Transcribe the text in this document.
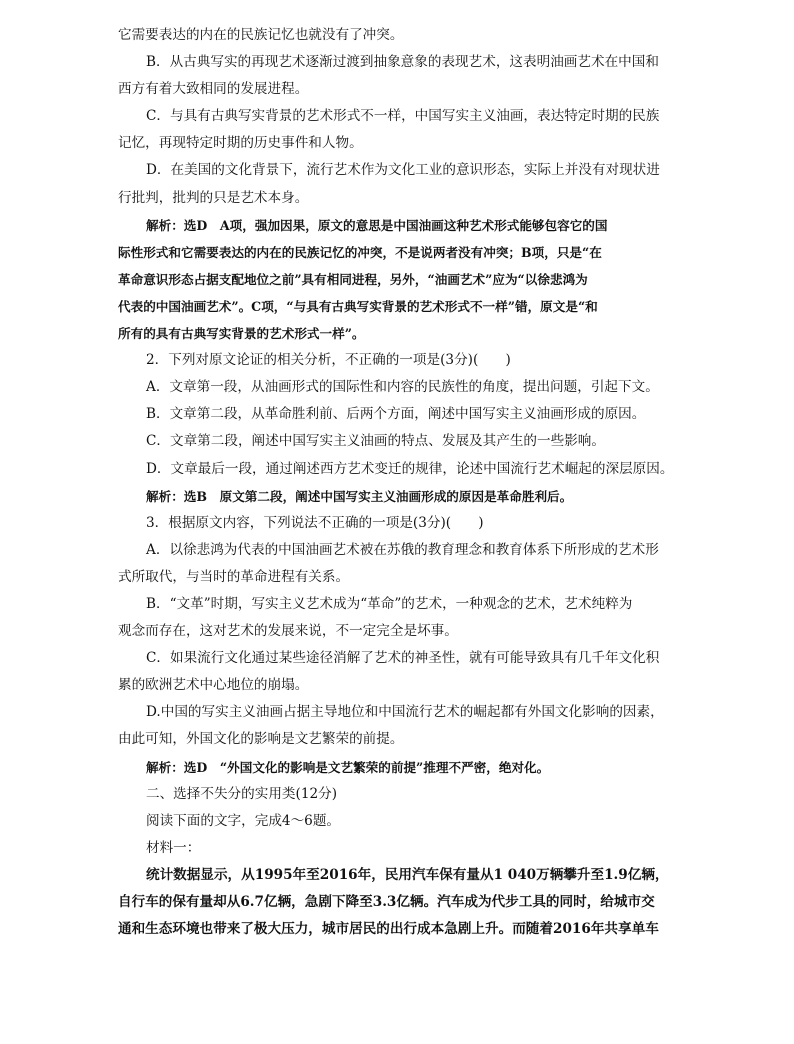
它需要表达的内在的民族记忆也就没有了冲突。
B．从古典写实的再现艺术逐渐过渡到抽象意象的表现艺术，这表明油画艺术在中国和
西方有着大致相同的发展进程。
C．与具有古典写实背景的艺术形式不一样，中国写实主义油画，表达特定时期的民族
记忆，再现特定时期的历史事件和人物。
D．在美国的文化背景下，流行艺术作为文化工业的意识形态，实际上并没有对现状进
行批判，批判的只是艺术本身。
解析：选D　A项，强加因果，原文的意思是中国油画这种艺术形式能够包容它的国
际性形式和它需要表达的内在的民族记忆的冲突，不是说两者没有冲突；B项，只是“在
革命意识形态占据支配地位之前”具有相同进程，另外，“油画艺术”应为“以徐悲鸿为
代表的中国油画艺术”。C项，“与具有古典写实背景的艺术形式不一样”错，原文是“和
所有的具有古典写实背景的艺术形式一样”。
2．下列对原文论证的相关分析，不正确的一项是(3分)(　　)
A．文章第一段，从油画形式的国际性和内容的民族性的角度，提出问题，引起下文。
B．文章第二段，从革命胜利前、后两个方面，阐述中国写实主义油画形成的原因。
C．文章第二段，阐述中国写实主义油画的特点、发展及其产生的一些影响。
D．文章最后一段，通过阐述西方艺术变迁的规律，论述中国流行艺术崛起的深层原因。
解析：选B　原文第二段，阐述中国写实主义油画形成的原因是革命胜利后。
3．根据原文内容，下列说法不正确的一项是(3分)(　　)
A．以徐悲鸿为代表的中国油画艺术被在苏俄的教育理念和教育体系下所形成的艺术形
式所取代，与当时的革命进程有关系。
B．“文革”时期，写实主义艺术成为“革命”的艺术，一种观念的艺术，艺术纯粹为
观念而存在，这对艺术的发展来说，不一定完全是坏事。
C．如果流行文化通过某些途径消解了艺术的神圣性，就有可能导致具有几千年文化积
累的欧洲艺术中心地位的崩塌。
D.中国的写实主义油画占据主导地位和中国流行艺术的崛起都有外国文化影响的因素，
由此可知，外国文化的影响是文艺繁荣的前提。
解析：选D　“外国文化的影响是文艺繁荣的前提”推理不严密，绝对化。
二、选择不失分的实用类(12分)
阅读下面的文字，完成4～6题。
材料一：
统计数据显示，从1995年至2016年，民用汽车保有量从1 040万辆攀升至1.9亿辆，
自行车的保有量却从6.7亿辆，急剧下降至3.3亿辆。汽车成为代步工具的同时，给城市交
通和生态环境也带来了极大压力，城市居民的出行成本急剧上升。而随着2016年共享单车
